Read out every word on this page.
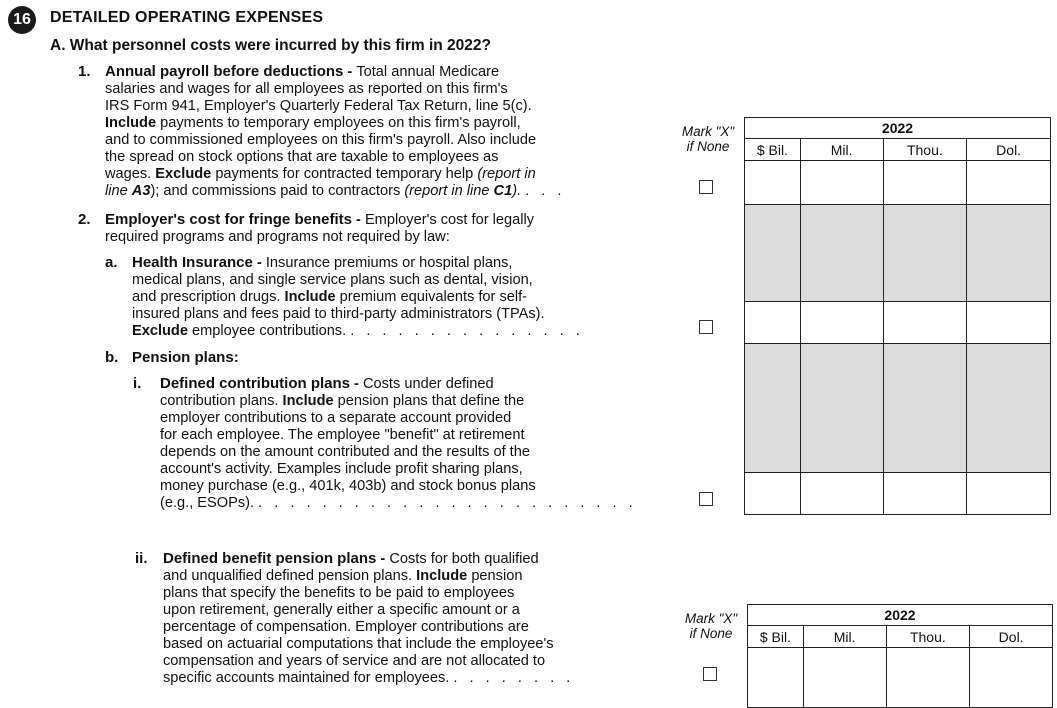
16	DETAILED OPERATING EXPENSES
A. What personnel costs were incurred by this firm in 2022?
1. Annual payroll before deductions - Total annual Medicare
salaries and wages for all employees as reported on this firm's
IRS Form 941, Employer's Quarterly Federal Tax Return, line 5(c).
Include payments to temporary employees on this firm's payroll,
and to commissioned employees on this firm's payroll. Also include
the spread on stock options that are taxable to employees as
wages. Exclude payments for contracted temporary help (report in
line A3); and commissions paid to contractors (report in line C1). . . .
Mark "X"
if None
2022			
$ Bil.	Mil.	Thou.	Dol.

2. Employer's cost for fringe benefits - Employer's cost for legally
required programs and programs not required by law:
a. Health Insurance - Insurance premiums or hospital plans,
medical plans, and single service plans such as dental, vision,
and prescription drugs. Include premium equivalents for self-
insured plans and fees paid to third-party administrators (TPAs).
Exclude employee contributions. . . . . . . . . . . . . . . .
b. Pension plans:
i. Defined contribution plans - Costs under defined
contribution plans. Include pension plans that define the
employer contributions to a separate account provided
for each employee. The employee "benefit" at retirement
depends on the amount contributed and the results of the
account's activity. Examples include profit sharing plans,
money purchase (e.g., 401k, 403b) and stock bonus plans
(e.g., ESOPs). . . . . . . . . . . . . . . . . . . . . . . . .
ii. Defined benefit pension plans - Costs for both qualified
and unqualified defined pension plans. Include pension
plans that specify the benefits to be paid to employees
upon retirement, generally either a specific amount or a
percentage of compensation. Employer contributions are
based on actuarial computations that include the employee's
compensation and years of service and are not allocated to
specific accounts maintained for employees. . . . . . . . .
Mark "X"
if None
2022			
$ Bil.	Mil.	Thou.	Dol.
